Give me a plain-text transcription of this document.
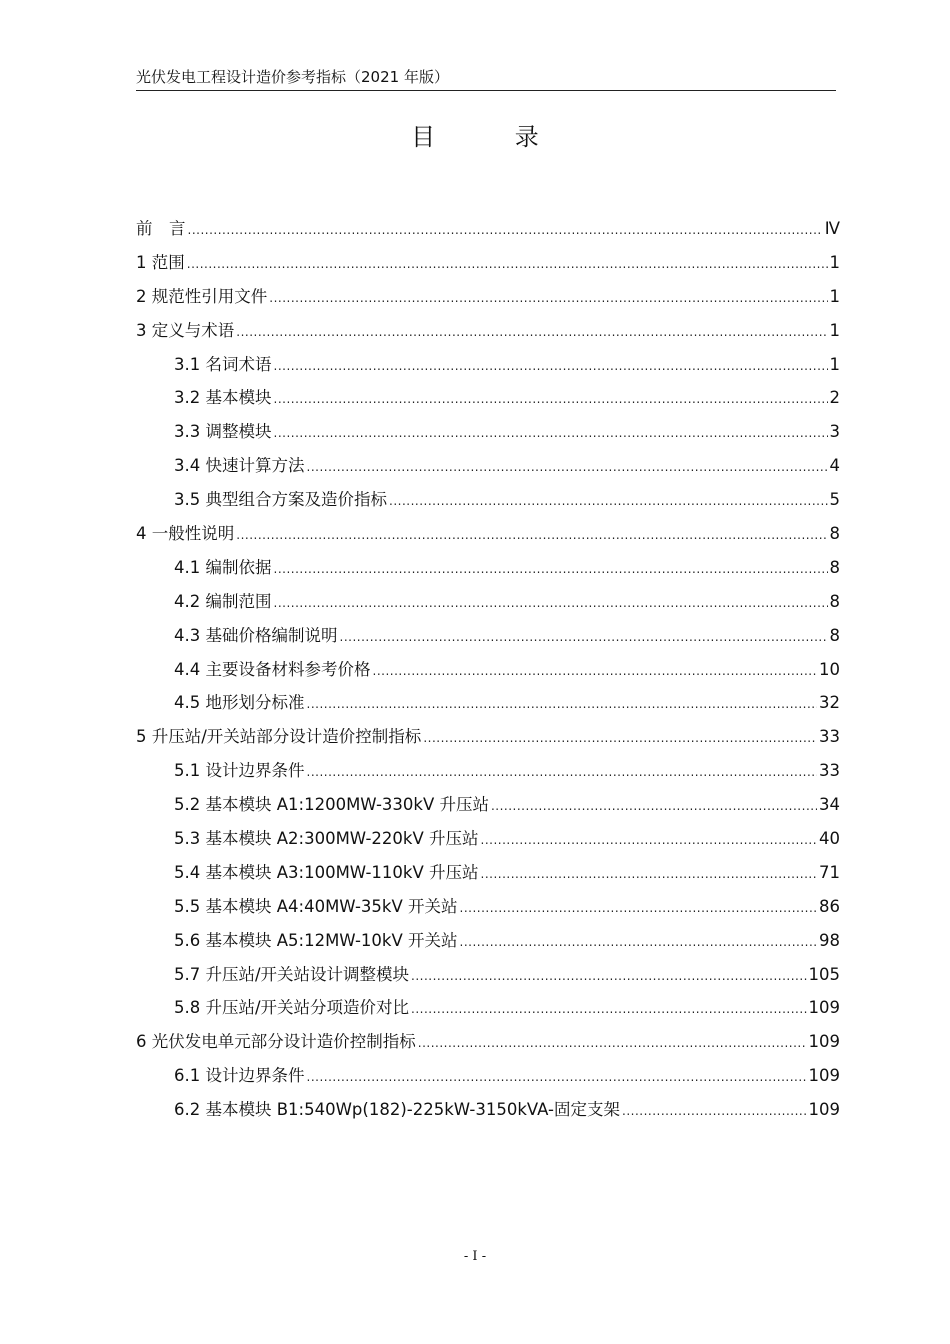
光伏发电工程设计造价参考指标（2021 年版）
目 录
前　言 .....	Ⅳ
1 范围 .....	1
2 规范性引用文件 .....	1
3 定义与术语 .....	1
3.1 名词术语 .....	1
3.2 基本模块 .....	2
3.3 调整模块 .....	3
3.4 快速计算方法 .....	4
3.5 典型组合方案及造价指标 .....	5
4 一般性说明 .....	8
4.1 编制依据 .....	8
4.2 编制范围 .....	8
4.3 基础价格编制说明 .....	8
4.4 主要设备材料参考价格 .....	10
4.5 地形划分标准 .....	32
5 升压站/开关站部分设计造价控制指标 .....	33
5.1 设计边界条件 .....	33
5.2 基本模块 A1:1200MW-330kV 升压站 .....	34
5.3 基本模块 A2:300MW-220kV 升压站 .....	40
5.4 基本模块 A3:100MW-110kV 升压站 .....	71
5.5 基本模块 A4:40MW-35kV 开关站 .....	86
5.6 基本模块 A5:12MW-10kV 开关站 .....	98
5.7 升压站/开关站设计调整模块 .....	105
5.8 升压站/开关站分项造价对比 .....	109
6 光伏发电单元部分设计造价控制指标 .....	109
6.1 设计边界条件 .....	109
6.2 基本模块 B1:540Wp(182)-225kW-3150kVA-固定支架 .....	109
- I -
